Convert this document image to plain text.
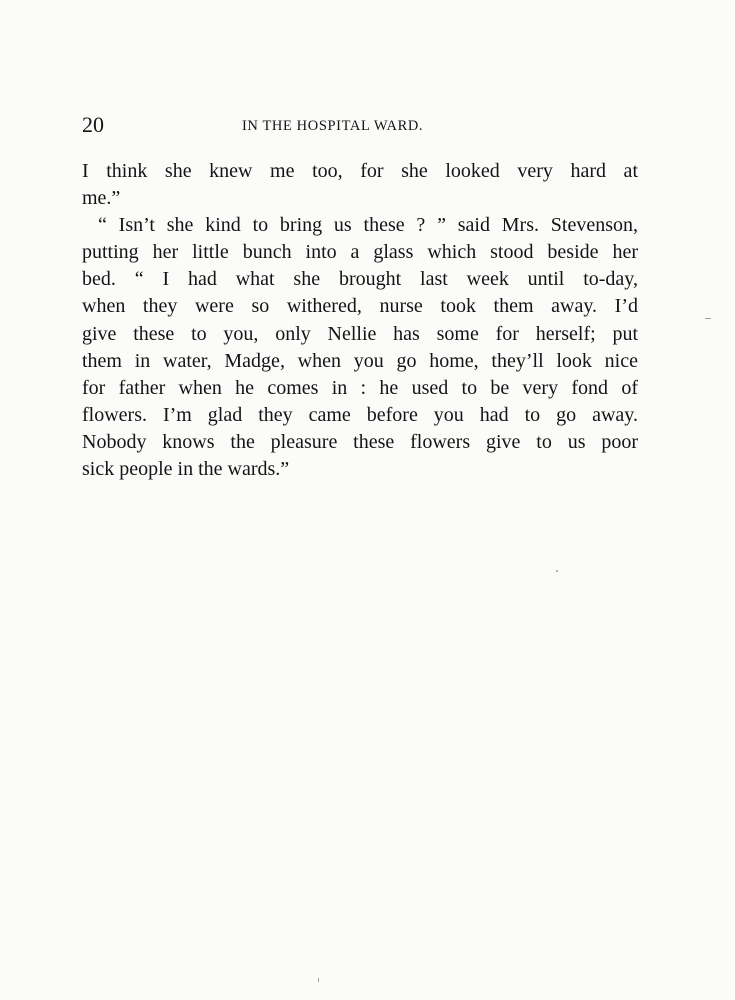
20	IN THE HOSPITAL WARD.
I think she knew me too, for she looked very hard at
me.”
“ Isn’t she kind to bring us these ? ” said Mrs. Stevenson,
putting her little bunch into a glass which stood beside her
bed. “ I had what she brought last week until to-day,
when they were so withered, nurse took them away. I’d
give these to you, only Nellie has some for herself; put
them in water, Madge, when you go home, they’ll look nice
for father when he comes in : he used to be very fond of
flowers. I’m glad they came before you had to go away.
Nobody knows the pleasure these flowers give to us poor
sick people in the wards.”
